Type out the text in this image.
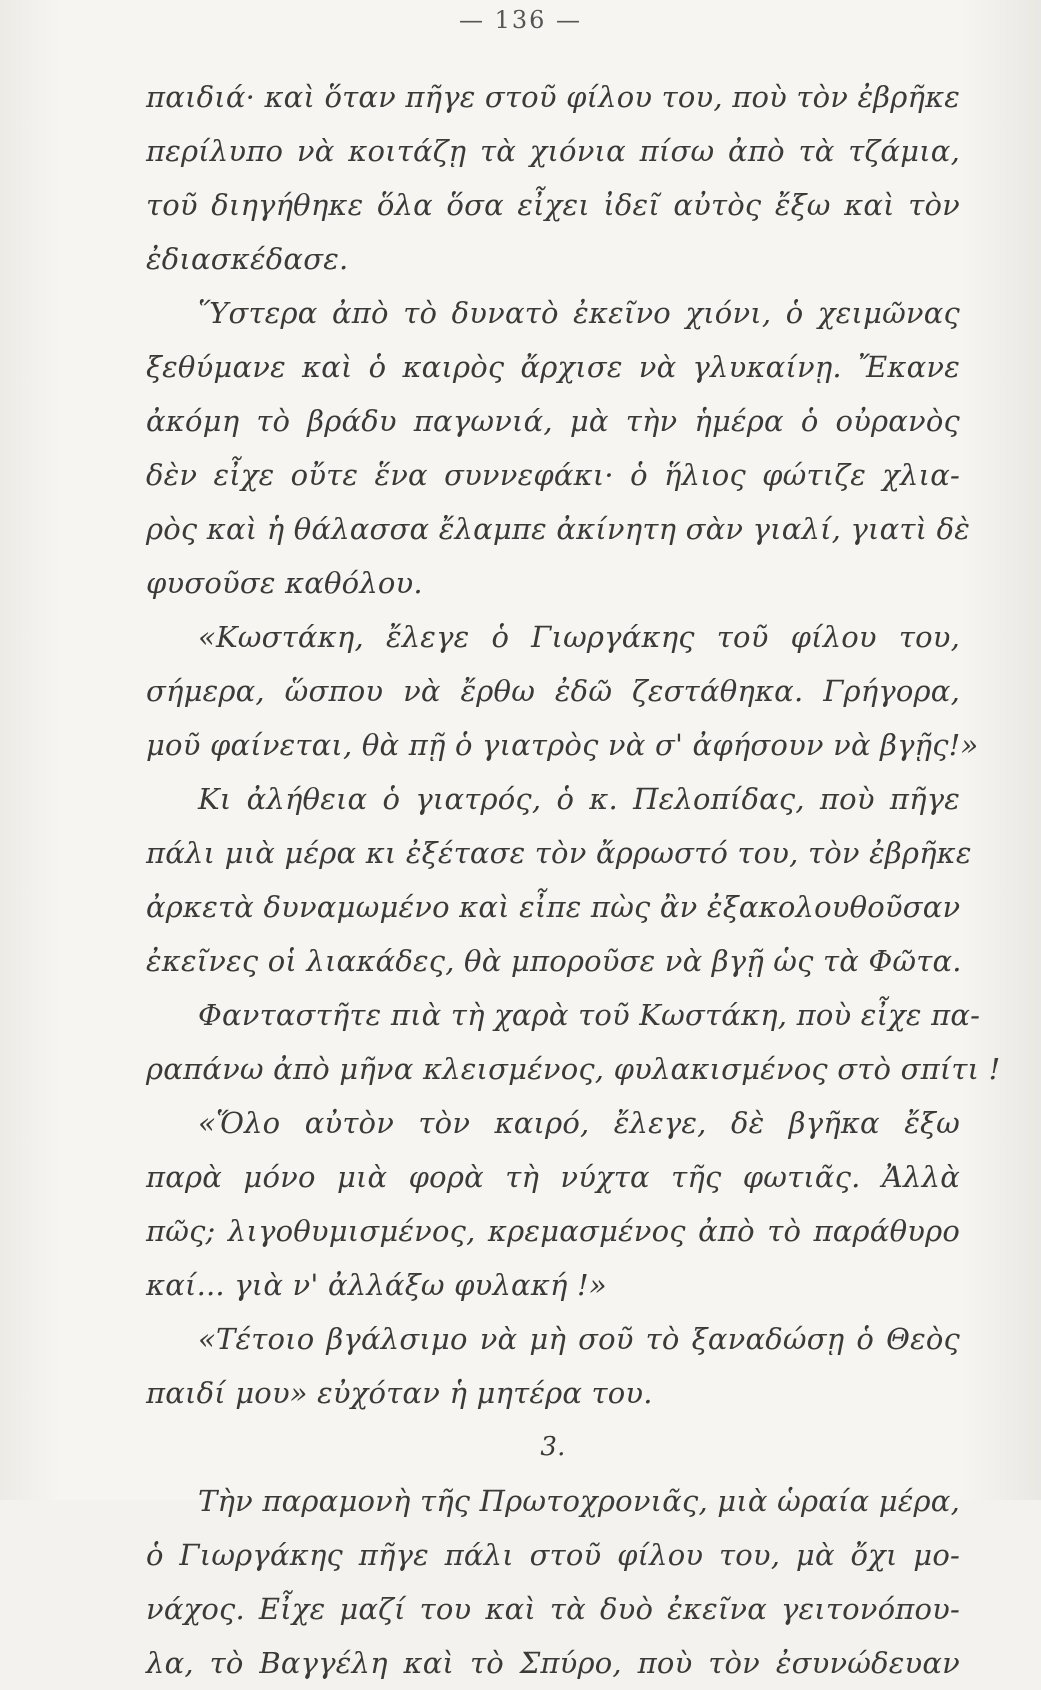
— 136 —
παιδιά· καὶ ὅταν πῆγε στοῦ φίλου του, ποὺ τὸν ἐβρῆκε
περίλυπο νὰ κοιτάζῃ τὰ χιόνια πίσω ἀπὸ τὰ τζάμια,
τοῦ διηγήθηκε ὅλα ὅσα εἶχει ἰδεῖ αὐτὸς ἔξω καὶ τὸν
ἐδιασκέδασε.
Ὕστερα ἀπὸ τὸ δυνατὸ ἐκεῖνο χιόνι, ὁ χειμῶνας
ξεθύμανε καὶ ὁ καιρὸς ἄρχισε νὰ γλυκαίνῃ. Ἔκανε
ἀκόμη τὸ βράδυ παγωνιά, μὰ τὴν ἡμέρα ὁ οὐρανὸς
δὲν εἶχε οὔτε ἕνα συννεφάκι· ὁ ἥλιος φώτιζε χλια-
ρὸς καὶ ἡ θάλασσα ἔλαμπε ἀκίνητη σὰν γιαλί, γιατὶ δὲ
φυσοῦσε καθόλου.
«Κωστάκη, ἔλεγε ὁ Γιωργάκης τοῦ φίλου του,
σήμερα, ὥσπου νὰ ἔρθω ἐδῶ ζεστάθηκα. Γρήγορα,
μοῦ φαίνεται, θὰ πῇ ὁ γιατρὸς νὰ σ' ἀφήσουν νὰ βγῇς!»
Κι ἀλήθεια ὁ γιατρός, ὁ κ. Πελοπίδας, ποὺ πῆγε
πάλι μιὰ μέρα κι ἐξέτασε τὸν ἄρρωστό του, τὸν ἐβρῆκε
ἀρκετὰ δυναμωμένο καὶ εἶπε πὼς ἂν ἐξακολουθοῦσαν
ἐκεῖνες οἱ λιακάδες, θὰ μποροῦσε νὰ βγῇ ὡς τὰ Φῶτα.
Φανταστῆτε πιὰ τὴ χαρὰ τοῦ Κωστάκη, ποὺ εἶχε πα-
ραπάνω ἀπὸ μῆνα κλεισμένος, φυλακισμένος στὸ σπίτι !
«Ὅλο αὐτὸν τὸν καιρό, ἔλεγε, δὲ βγῆκα ἔξω
παρὰ μόνο μιὰ φορὰ τὴ νύχτα τῆς φωτιᾶς. Ἀλλὰ
πῶς; λιγοθυμισμένος, κρεμασμένος ἀπὸ τὸ παράθυρο
καί... γιὰ ν' ἀλλάξω φυλακή !»
«Τέτοιο βγάλσιμο νὰ μὴ σοῦ τὸ ξαναδώσῃ ὁ Θεὸς
παιδί μου» εὐχόταν ἡ μητέρα του.
3.
Τὴν παραμονὴ τῆς Πρωτοχρονιᾶς, μιὰ ὡραία μέρα,
ὁ Γιωργάκης πῆγε πάλι στοῦ φίλου του, μὰ ὄχι μο-
νάχος. Εἶχε μαζί του καὶ τὰ δυὸ ἐκεῖνα γειτονόπου-
λα, τὸ Βαγγέλη καὶ τὸ Σπύρο, ποὺ τὸν ἐσυνώδευαν
